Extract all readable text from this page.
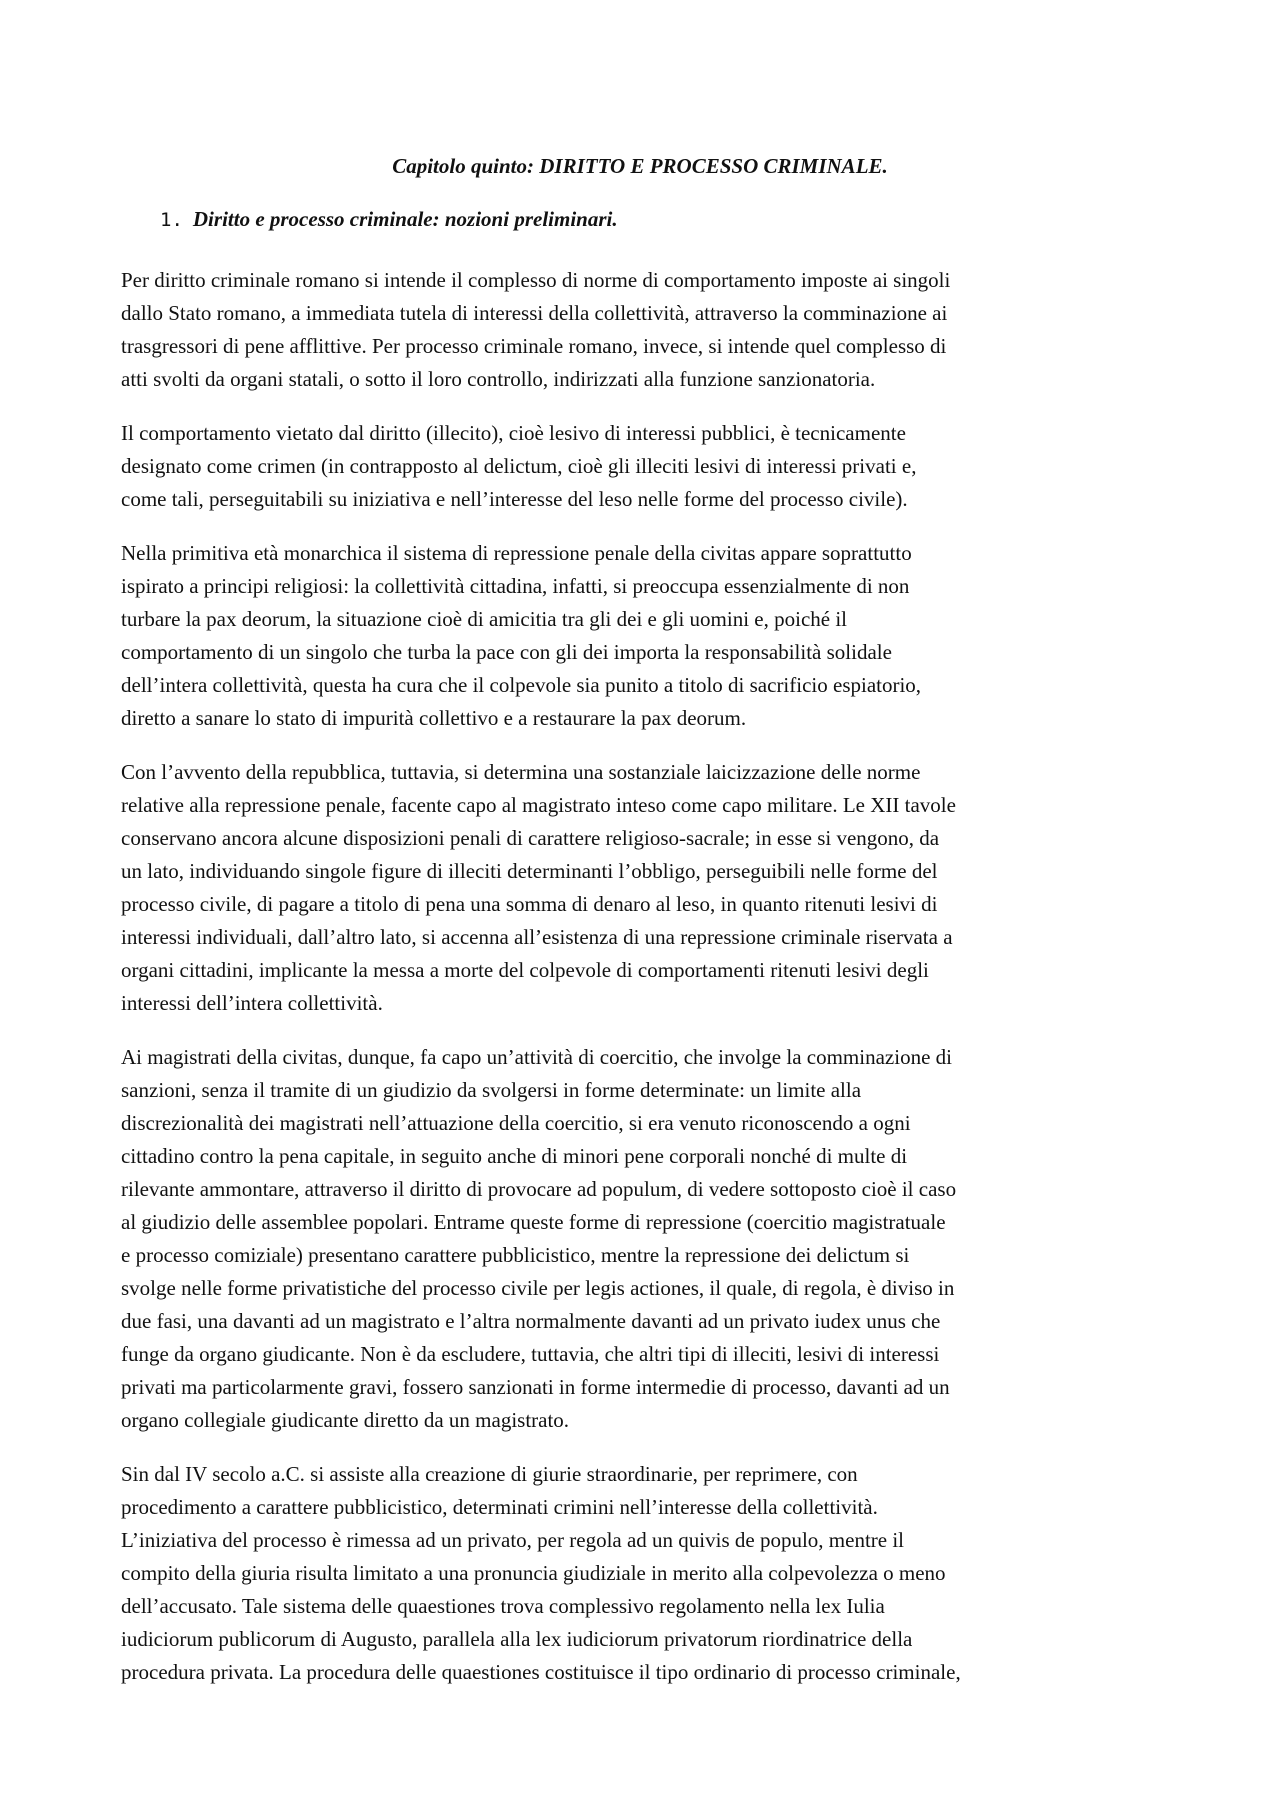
Capitolo quinto: DIRITTO E PROCESSO CRIMINALE.
1. Diritto e processo criminale: nozioni preliminari.

Per diritto criminale romano si intende il complesso di norme di comportamento imposte ai singoli
dallo Stato romano, a immediata tutela di interessi della collettività, attraverso la comminazione ai
trasgressori di pene afflittive. Per processo criminale romano, invece, si intende quel complesso di
atti svolti da organi statali, o sotto il loro controllo, indirizzati alla funzione sanzionatoria.

Il comportamento vietato dal diritto (illecito), cioè lesivo di interessi pubblici, è tecnicamente
designato come crimen (in contrapposto al delictum, cioè gli illeciti lesivi di interessi privati e,
come tali, perseguitabili su iniziativa e nell’interesse del leso nelle forme del processo civile).

Nella primitiva età monarchica il sistema di repressione penale della civitas appare soprattutto
ispirato a principi religiosi: la collettività cittadina, infatti, si preoccupa essenzialmente di non
turbare la pax deorum, la situazione cioè di amicitia tra gli dei e gli uomini e, poiché il
comportamento di un singolo che turba la pace con gli dei importa la responsabilità solidale
dell’intera collettività, questa ha cura che il colpevole sia punito a titolo di sacrificio espiatorio,
diretto a sanare lo stato di impurità collettivo e a restaurare la pax deorum.

Con l’avvento della repubblica, tuttavia, si determina una sostanziale laicizzazione delle norme
relative alla repressione penale, facente capo al magistrato inteso come capo militare. Le XII tavole
conservano ancora alcune disposizioni penali di carattere religioso-sacrale; in esse si vengono, da
un lato, individuando singole figure di illeciti determinanti l’obbligo, perseguibili nelle forme del
processo civile, di pagare a titolo di pena una somma di denaro al leso, in quanto ritenuti lesivi di
interessi individuali, dall’altro lato, si accenna all’esistenza di una repressione criminale riservata a
organi cittadini, implicante la messa a morte del colpevole di comportamenti ritenuti lesivi degli
interessi dell’intera collettività.

Ai magistrati della civitas, dunque, fa capo un’attività di coercitio, che involge la comminazione di
sanzioni, senza il tramite di un giudizio da svolgersi in forme determinate: un limite alla
discrezionalità dei magistrati nell’attuazione della coercitio, si era venuto riconoscendo a ogni
cittadino contro la pena capitale, in seguito anche di minori pene corporali nonché di multe di
rilevante ammontare, attraverso il diritto di provocare ad populum, di vedere sottoposto cioè il caso
al giudizio delle assemblee popolari. Entrame queste forme di repressione (coercitio magistratuale
e processo comiziale) presentano carattere pubblicistico, mentre la repressione dei delictum si
svolge nelle forme privatistiche del processo civile per legis actiones, il quale, di regola, è diviso in
due fasi, una davanti ad un magistrato e l’altra normalmente davanti ad un privato iudex unus che
funge da organo giudicante. Non è da escludere, tuttavia, che altri tipi di illeciti, lesivi di interessi
privati ma particolarmente gravi, fossero sanzionati in forme intermedie di processo, davanti ad un
organo collegiale giudicante diretto da un magistrato.

Sin dal IV secolo a.C. si assiste alla creazione di giurie straordinarie, per reprimere, con
procedimento a carattere pubblicistico, determinati crimini nell’interesse della collettività.
L’iniziativa del processo è rimessa ad un privato, per regola ad un quivis de populo, mentre il
compito della giuria risulta limitato a una pronuncia giudiziale in merito alla colpevolezza o meno
dell’accusato. Tale sistema delle quaestiones trova complessivo regolamento nella lex Iulia
iudiciorum publicorum di Augusto, parallela alla lex iudiciorum privatorum riordinatrice della
procedura privata. La procedura delle quaestiones costituisce il tipo ordinario di processo criminale,
